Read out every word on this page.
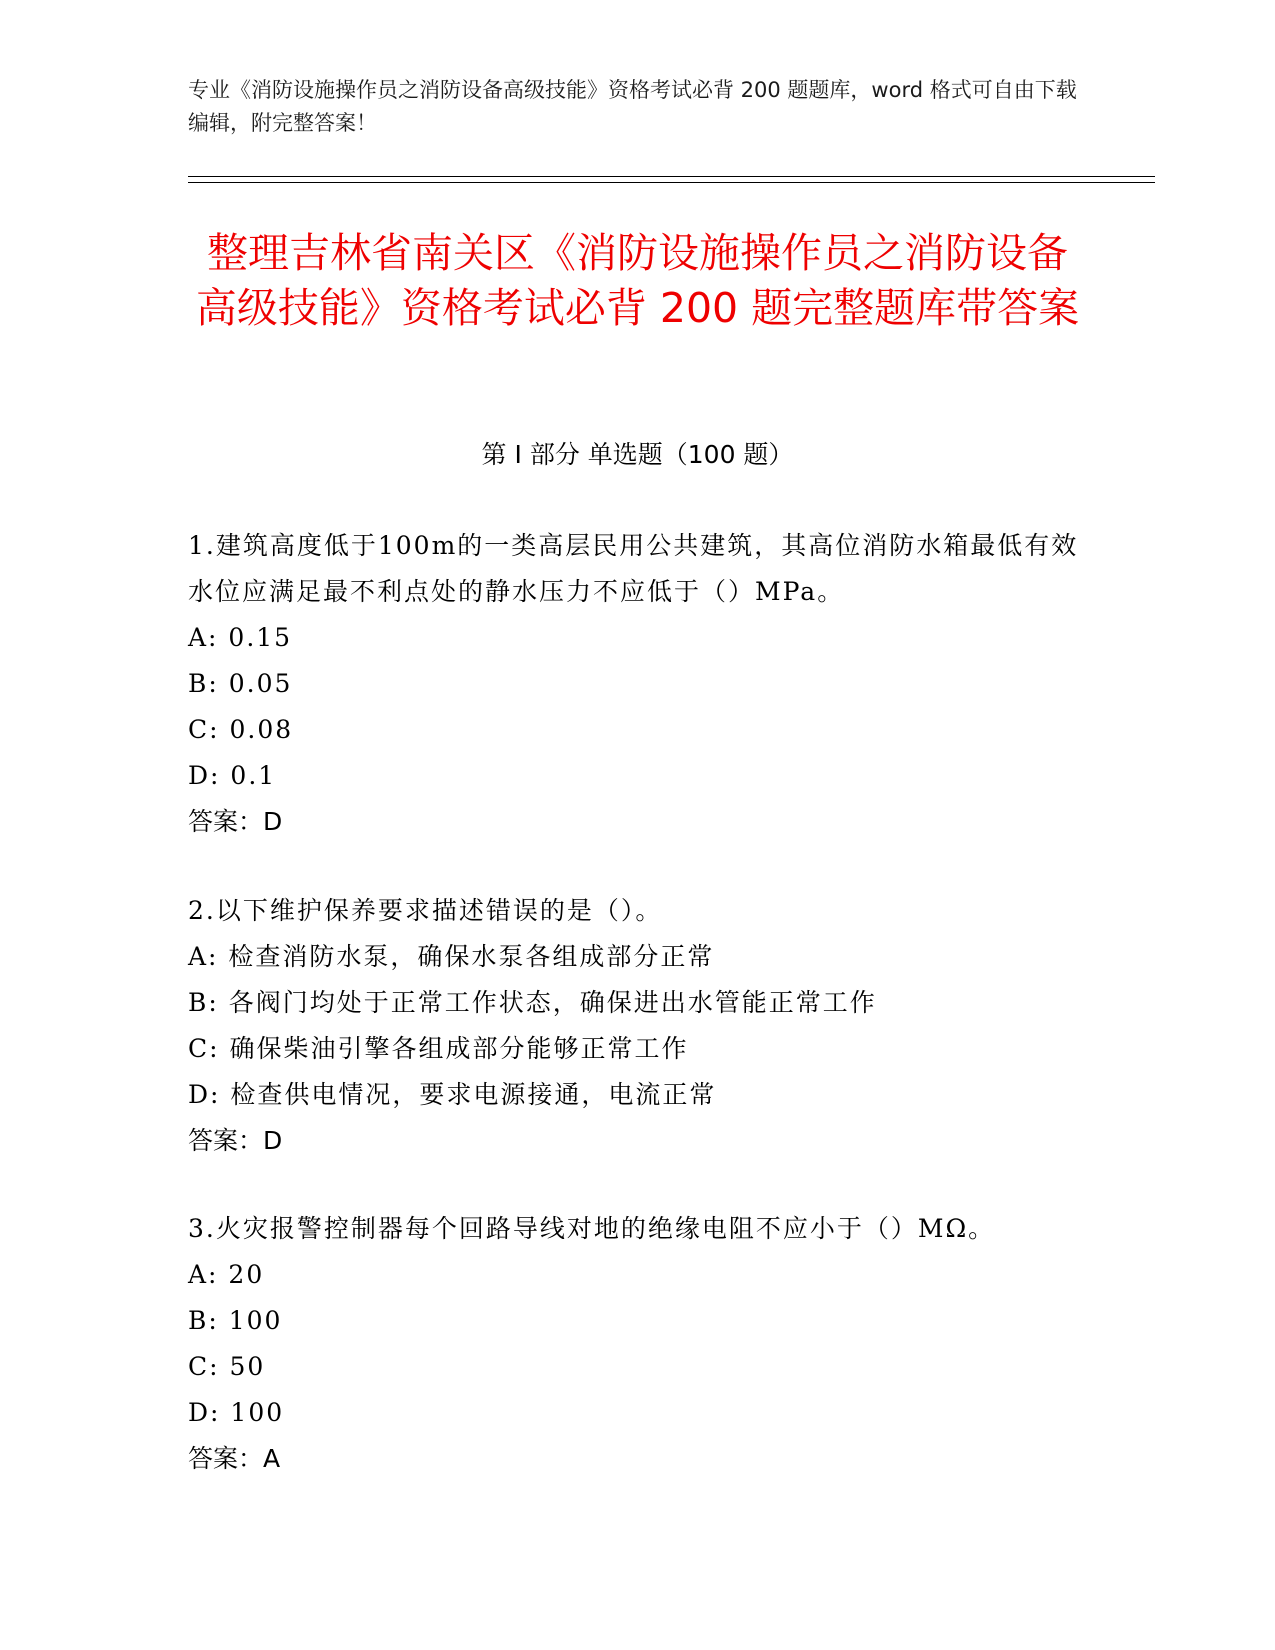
专业《消防设施操作员之消防设备高级技能》资格考试必背 200 题题库，word 格式可自由下载编辑，附完整答案！

整理吉林省南关区《消防设施操作员之消防设备高级技能》资格考试必背 200 题完整题库带答案
第 I 部分 单选题（100 题）

1.建筑高度低于100m的一类高层民用公共建筑，其高位消防水箱最低有效水位应满足最不利点处的静水压力不应低于（）MPa。

A: 0.15

B: 0.05

C: 0.08

D: 0.1

答案：D

2.以下维护保养要求描述错误的是（）。

A: 检查消防水泵，确保水泵各组成部分正常

B: 各阀门均处于正常工作状态，确保进出水管能正常工作

C: 确保柴油引擎各组成部分能够正常工作

D: 检查供电情况，要求电源接通，电流正常

答案：D

3.火灾报警控制器每个回路导线对地的绝缘电阻不应小于（）MΩ。

A: 20

B: 100

C: 50

D: 100

答案：A
